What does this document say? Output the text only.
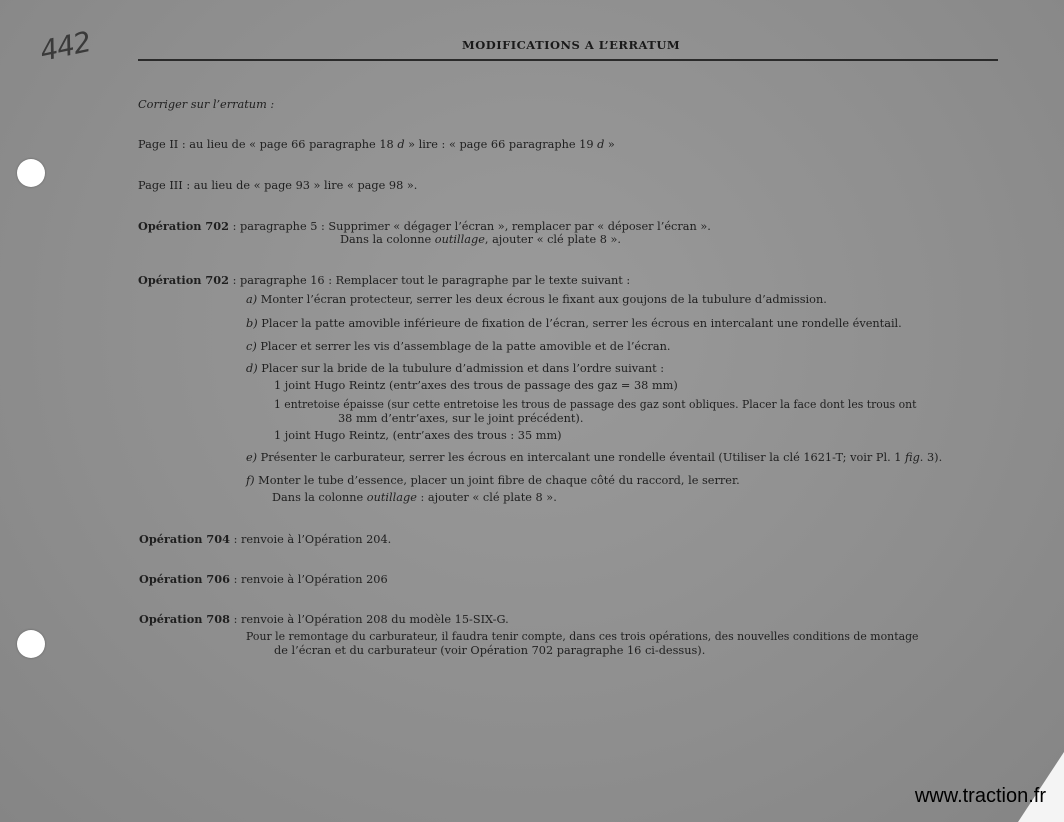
442	MODIFICATIONS A L’ERRATUM
Corriger sur l’erratum :
Page II : au lieu de « page 66 paragraphe 18 d » lire : « page 66 paragraphe 19 d »
Page III : au lieu de « page 93 » lire « page 98 ».
Opération 702 : paragraphe 5 : Supprimer « dégager l’écran », remplacer par « déposer l’écran ».
Dans la colonne outillage, ajouter « clé plate 8 ».
Opération 702 : paragraphe 16 : Remplacer tout le paragraphe par le texte suivant :
a) Monter l’écran protecteur, serrer les deux écrous le fixant aux goujons de la tubulure d’admission.
b) Placer la patte amovible inférieure de fixation de l’écran, serrer les écrous en intercalant une rondelle éventail.
c) Placer et serrer les vis d’assemblage de la patte amovible et de l’écran.
d) Placer sur la bride de la tubulure d’admission et dans l’ordre suivant :
1 joint Hugo Reintz (entr’axes des trous de passage des gaz = 38 mm)
1 entretoise épaisse (sur cette entretoise les trous de passage des gaz sont obliques. Placer la face dont les trous ont
38 mm d’entr’axes, sur le joint précédent).
1 joint Hugo Reintz, (entr’axes des trous : 35 mm)
e) Présenter le carburateur, serrer les écrous en intercalant une rondelle éventail (Utiliser la clé 1621-T; voir Pl. 1 fig. 3).
f) Monter le tube d’essence, placer un joint fibre de chaque côté du raccord, le serrer.
Dans la colonne outillage : ajouter « clé plate 8 ».
Opération 704 : renvoie à l’Opération 204.
Opération 706 : renvoie à l’Opération 206
Opération 708 : renvoie à l’Opération 208 du modèle 15-SIX-G.
Pour le remontage du carburateur, il faudra tenir compte, dans ces trois opérations, des nouvelles conditions de montage
de l’écran et du carburateur (voir Opération 702 paragraphe 16 ci-dessus).
www.traction.fr
